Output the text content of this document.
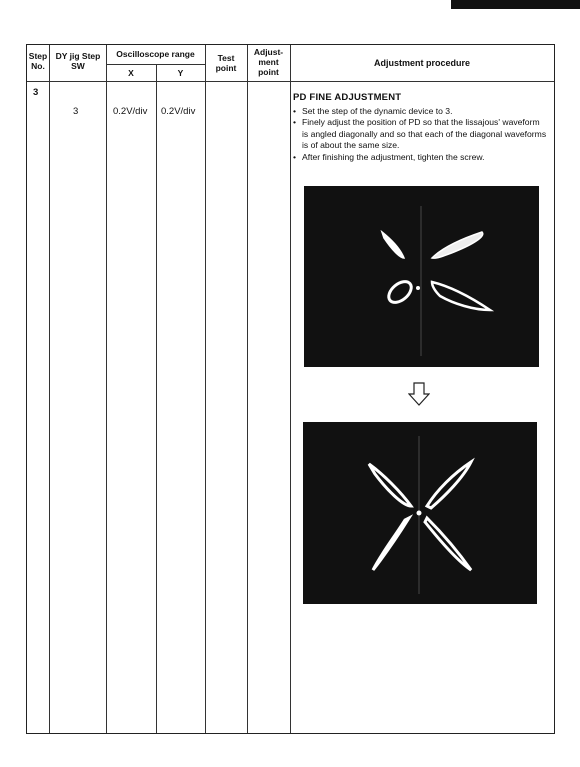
Step No.
DY jig Step SW
Oscilloscope range
X	Y
Test point
Adjust- ment point
Adjustment procedure
3
3	0.2V/div 0.2V/div
PD FINE ADJUSTMENT
• Set the step of the dynamic device to 3.
• Finely adjust the position of PD so that the lissajous' waveform is angled diagonally and so that each of the diagonal waveforms is of about the same size.
• After finishing the adjustment, tighten the screw.
